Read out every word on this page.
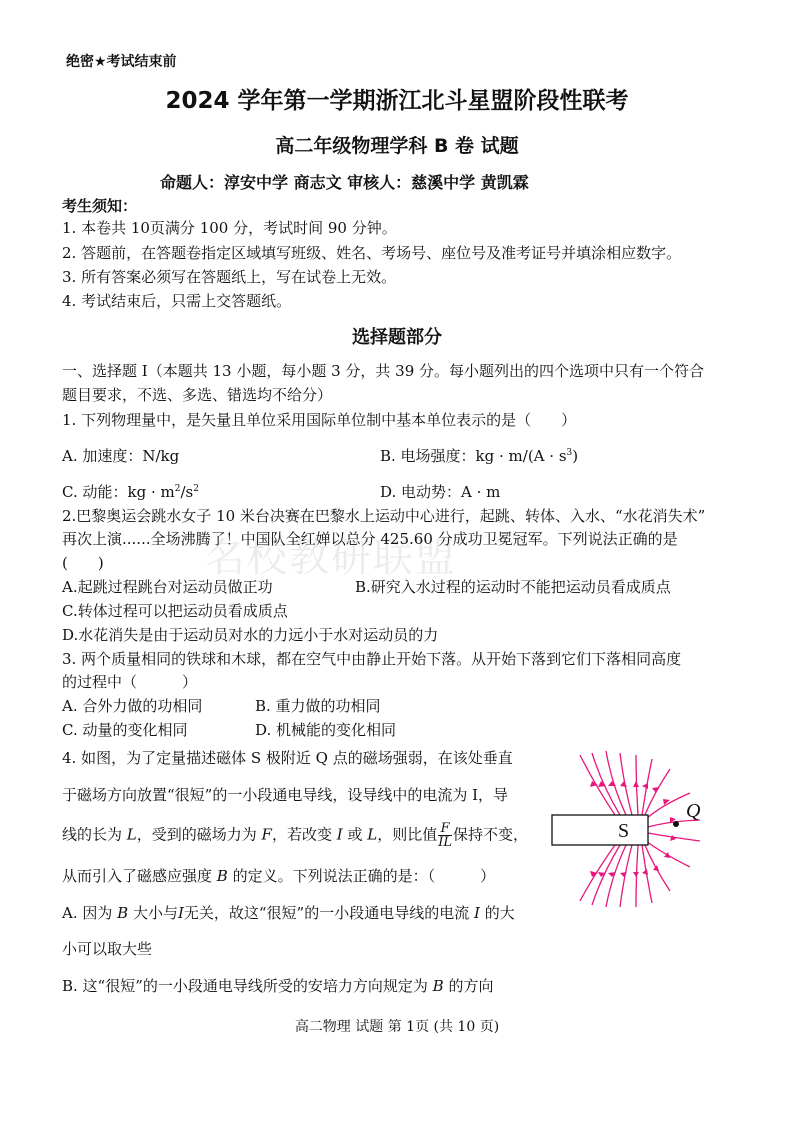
名校教研联盟
绝密★考试结束前
2024 学年第一学期浙江北斗星盟阶段性联考
高二年级物理学科 B 卷 试题
命题人：淳安中学 商志文 审核人：慈溪中学 黄凯霖
考生须知：
1. 本卷共 10页满分 100 分，考试时间 90 分钟。
2. 答题前，在答题卷指定区域填写班级、姓名、考场号、座位号及准考证号并填涂相应数字。
3. 所有答案必须写在答题纸上，写在试卷上无效。
4. 考试结束后，只需上交答题纸。
选择题部分
一、选择题 I（本题共 13 小题，每小题 3 分，共 39 分。每小题列出的四个选项中只有一个符合
题目要求，不选、多选、错选均不给分）
1. 下列物理量中，是矢量且单位采用国际单位制中基本单位表示的是（　　）
A. 加速度：N/kg	B. 电场强度：kg · $m/(A \cdot s^3)$
C. 动能：kg · $m^2/s^2$	D. 电动势：A · m
2.巴黎奥运会跳水女子 10 米台决赛在巴黎水上运动中心进行，起跳、转体、入水、“水花消失术”
再次上演......全场沸腾了！中国队全红婵以总分 425.60 分成功卫冕冠军。下列说法正确的是
(　　)
A.起跳过程跳台对运动员做正功	B.研究入水过程的运动时不能把运动员看成质点
C.转体过程可以把运动员看成质点
D.水花消失是由于运动员对水的力远小于水对运动员的力
3. 两个质量相同的铁球和木球，都在空气中由静止开始下落。从开始下落到它们下落相同高度
的过程中（　　　）
A. 合外力做的功相同	B. 重力做的功相同
C. 动量的变化相同	D. 机械能的变化相同
4. 如图，为了定量描述磁体 S 极附近 Q 点的磁场强弱，在该处垂直
于磁场方向放置“很短”的一小段通电导线，设导线中的电流为 I，导
线的长为 L，受到的磁场力为 F，若改变 I 或 L，则比值 $\frac{F}{IL}$ 保持不变，
从而引入了磁感应强度 B 的定义。下列说法正确的是：（　　　）
A. 因为 B 大小与I无关，故这“很短”的一小段通电导线的电流 I 的大
小可以取大些
B. 这“很短”的一小段通电导线所受的安培力方向规定为 B 的方向
S
Q
高二物理 试题 第 1页 (共 10 页)
